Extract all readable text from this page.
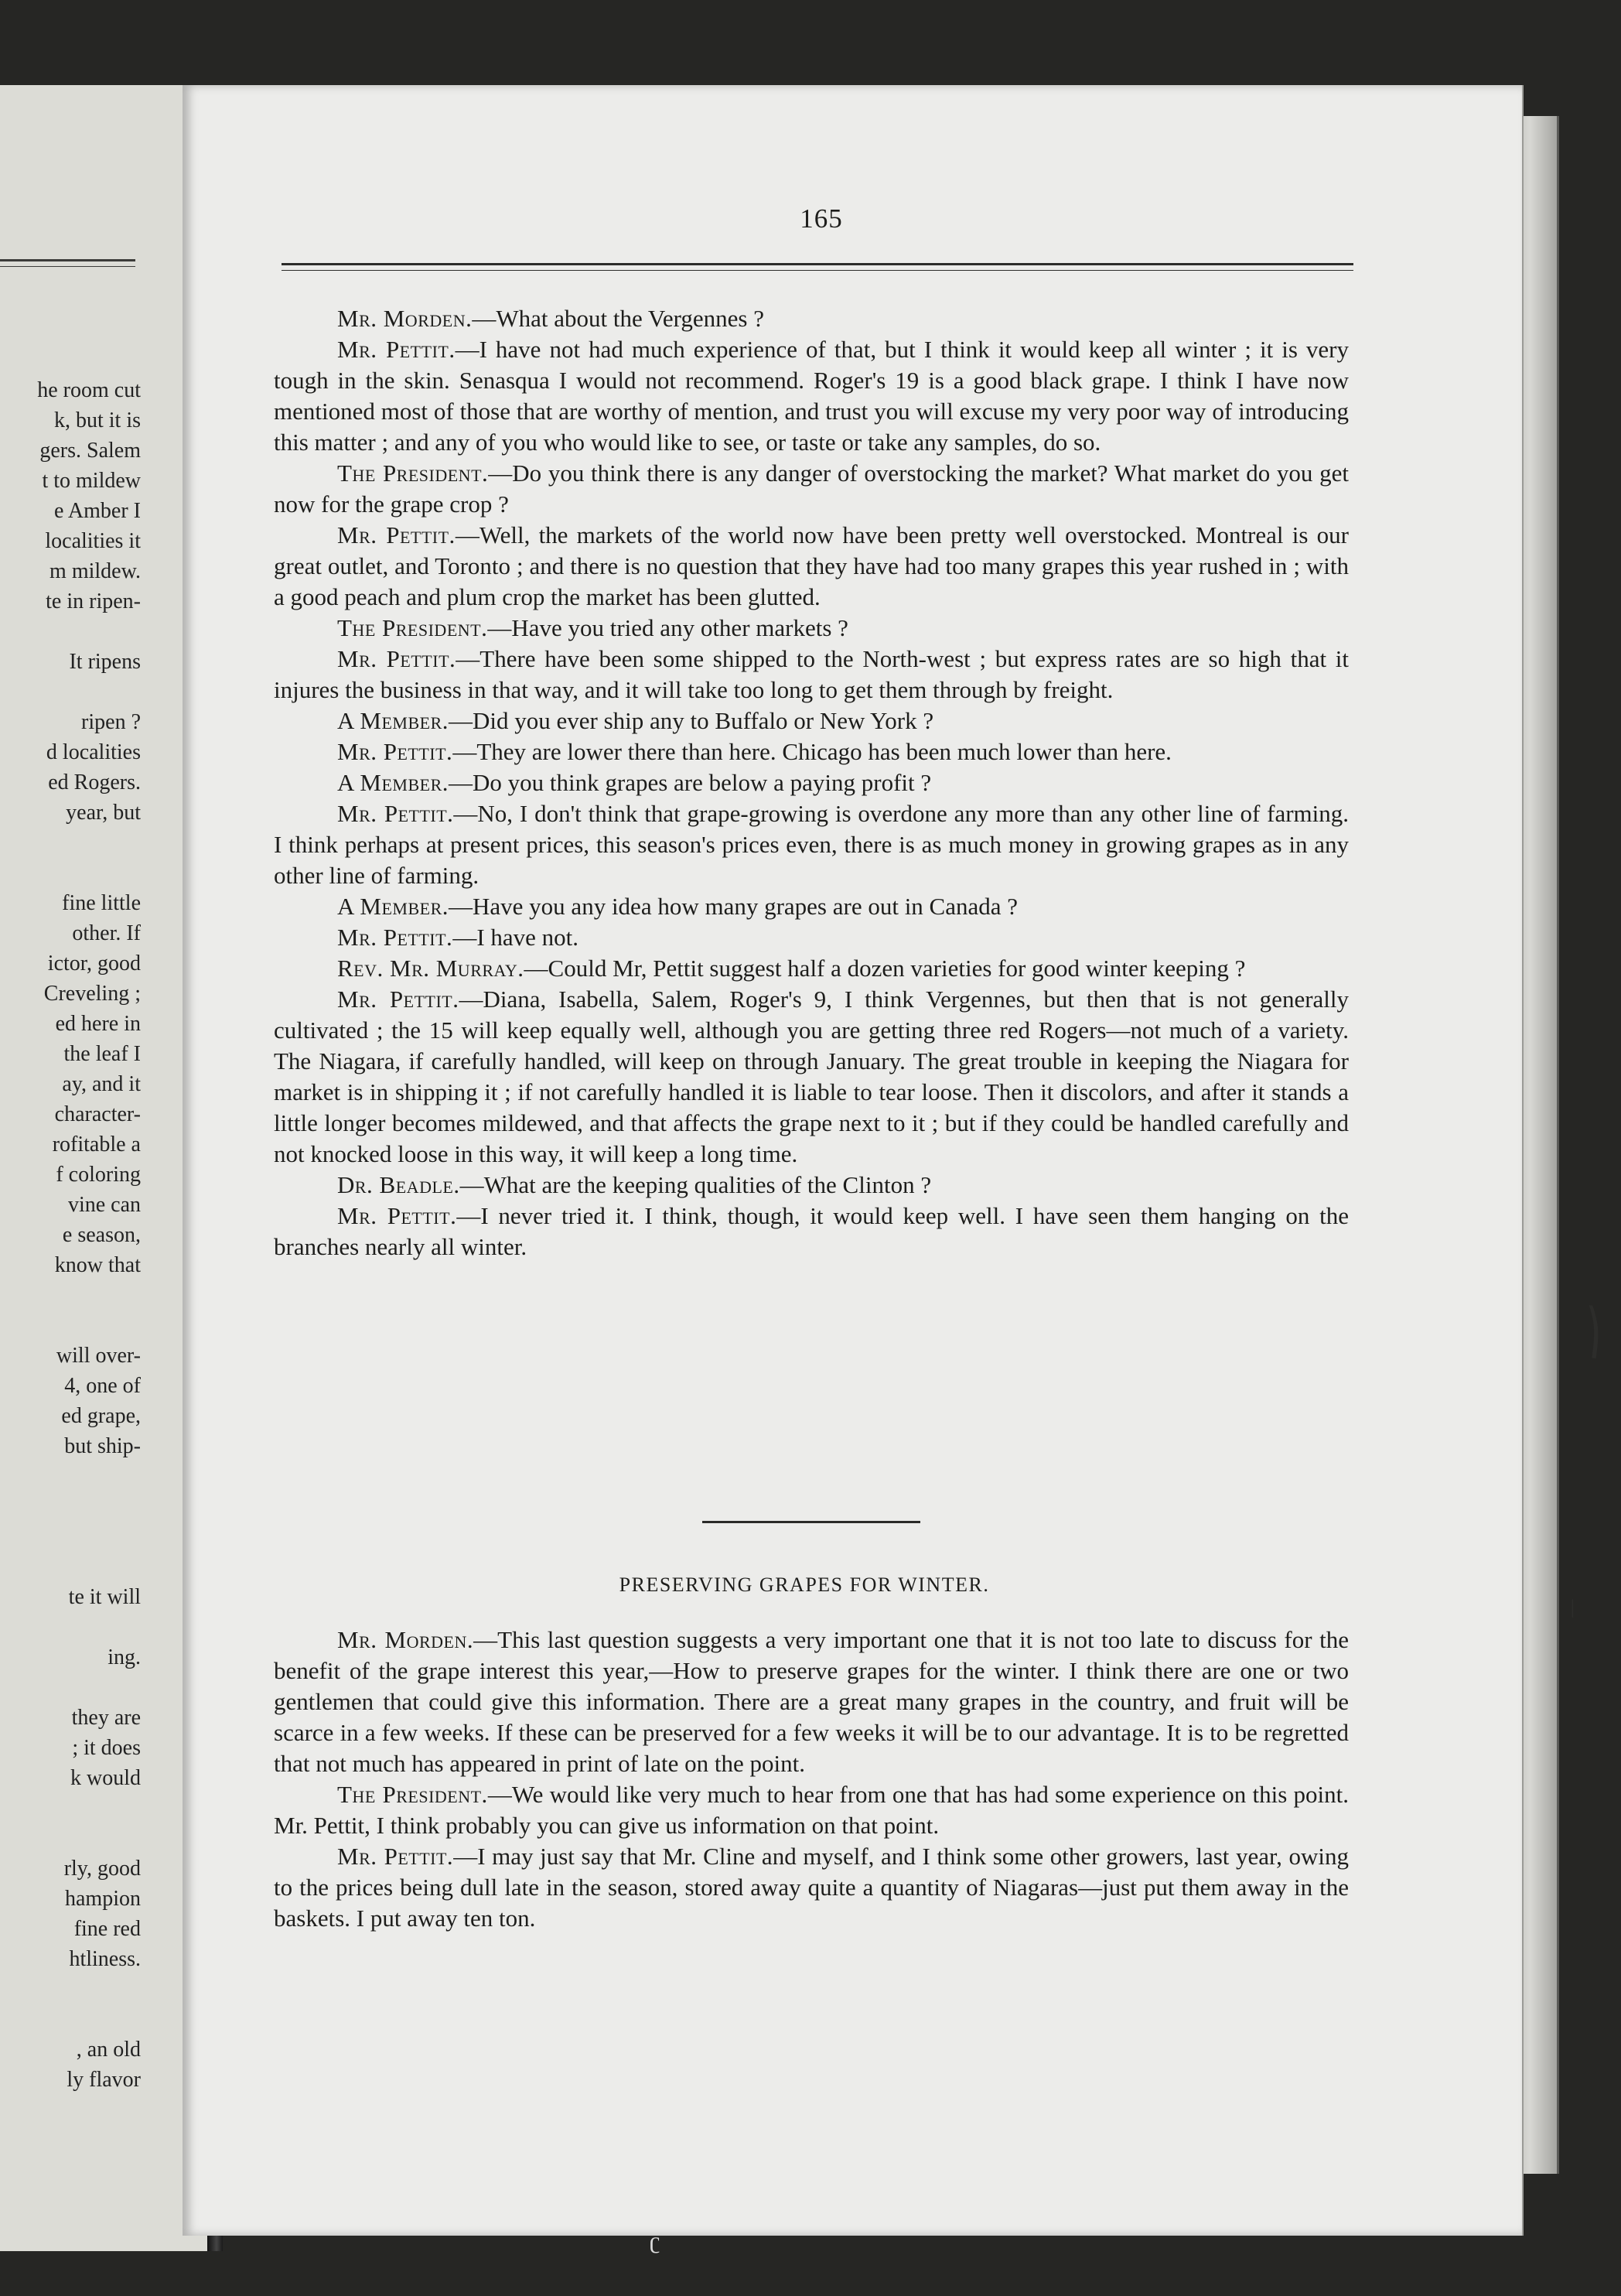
he room cut
k, but it is
gers. Salem
t to mildew
e Amber I
localities it
m mildew.
te in ripen-
It ripens
ripen ?
d localities
ed Rogers.
year, but
fine little
other. If
ictor, good
Creveling ;
ed here in
the leaf I
ay, and it
character-
rofitable a
f coloring
vine can
e season,
know that
will over-
4, one of
ed grape,
but ship-
te it will
ing.
they are
; it does
k would
rly, good
hampion
fine red
htliness.
, an old
ly flavor
165

Mr. Morden.—What about the Vergennes ?

Mr. Pettit.—I have not had much experience of that, but I think it would keep all winter ; it is very tough in the skin. Senasqua I would not recommend. Roger's 19 is a good black grape. I think I have now mentioned most of those that are worthy of mention, and trust you will excuse my very poor way of introducing this matter ; and any of you who would like to see, or taste or take any samples, do so.

The President.—Do you think there is any danger of overstocking the market? What market do you get now for the grape crop ?

Mr. Pettit.—Well, the markets of the world now have been pretty well overstocked. Montreal is our great outlet, and Toronto ; and there is no question that they have had too many grapes this year rushed in ; with a good peach and plum crop the market has been glutted.

The President.—Have you tried any other markets ?

Mr. Pettit.—There have been some shipped to the North-west ; but express rates are so high that it injures the business in that way, and it will take too long to get them through by freight.

A Member.—Did you ever ship any to Buffalo or New York ?

Mr. Pettit.—They are lower there than here. Chicago has been much lower than here.

A Member.—Do you think grapes are below a paying profit ?

Mr. Pettit.—No, I don't think that grape-growing is overdone any more than any other line of farming. I think perhaps at present prices, this season's prices even, there is as much money in growing grapes as in any other line of farming.

A Member.—Have you any idea how many grapes are out in Canada ?

Mr. Pettit.—I have not.

Rev. Mr. Murray.—Could Mr, Pettit suggest half a dozen varieties for good winter keeping ?

Mr. Pettit.—Diana, Isabella, Salem, Roger's 9, I think Vergennes, but then that is not generally cultivated ; the 15 will keep equally well, although you are getting three red Rogers—not much of a variety. The Niagara, if carefully handled, will keep on through January. The great trouble in keeping the Niagara for market is in shipping it ; if not carefully handled it is liable to tear loose. Then it discolors, and after it stands a little longer becomes mildewed, and that affects the grape next to it ; but if they could be handled carefully and not knocked loose in this way, it will keep a long time.

Dr. Beadle.—What are the keeping qualities of the Clinton ?

Mr. Pettit.—I never tried it. I think, though, it would keep well. I have seen them hanging on the branches nearly all winter.

PRESERVING GRAPES FOR WINTER.

Mr. Morden.—This last question suggests a very important one that it is not too late to discuss for the benefit of the grape interest this year,—How to preserve grapes for the winter. I think there are one or two gentlemen that could give this information. There are a great many grapes in the country, and fruit will be scarce in a few weeks. If these can be preserved for a few weeks it will be to our advantage. It is to be regretted that not much has appeared in print of late on the point.

The President.—We would like very much to hear from one that has had some experience on this point. Mr. Pettit, I think probably you can give us information on that point.

Mr. Pettit.—I may just say that Mr. Cline and myself, and I think some other growers, last year, owing to the prices being dull late in the season, stored away quite a quantity of Niagaras—just put them away in the baskets. I put away ten ton.

⎞
ǀ
ʗ
